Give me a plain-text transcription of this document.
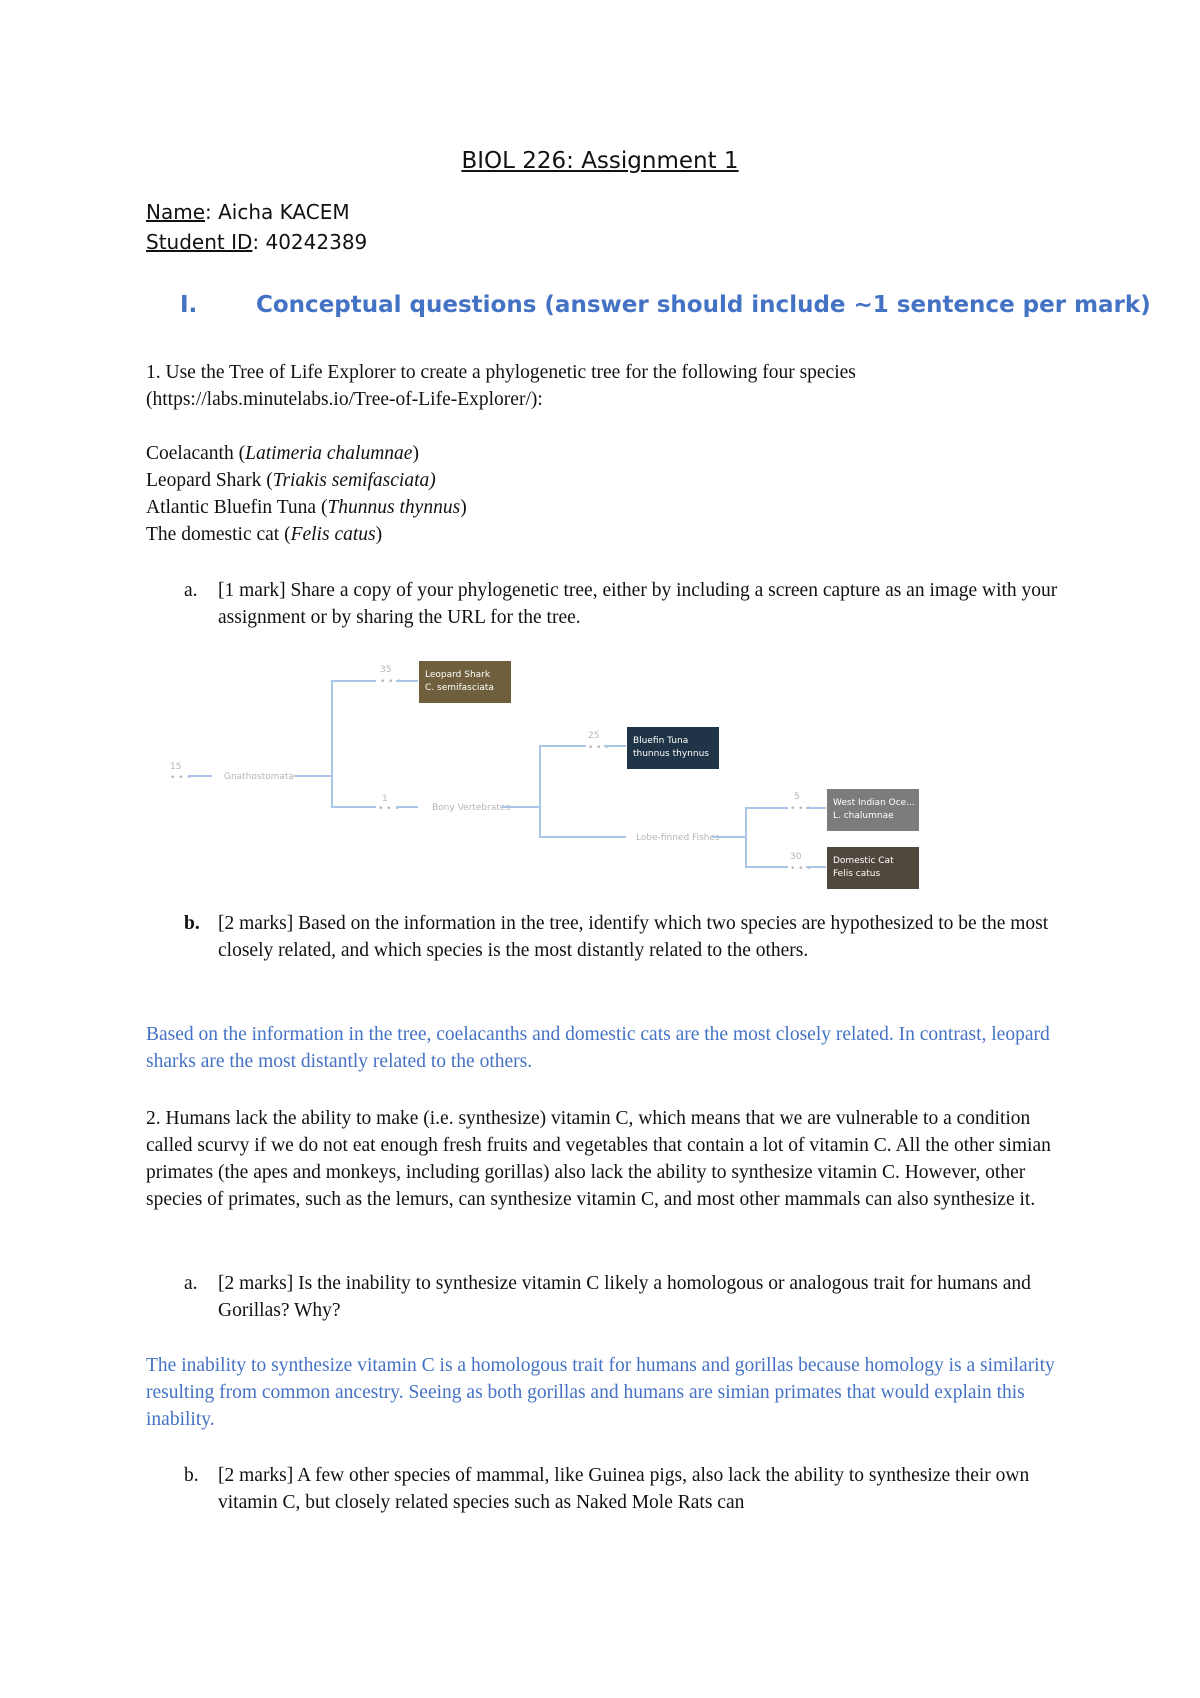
BIOL 226: Assignment 1
Name: Aicha KACEM
Student ID: 40242389
I.	Conceptual questions (answer should include ~1 sentence per mark)

1. Use the Tree of Life Explorer to create a phylogenetic tree for the following four species
(https://labs.minutelabs.io/Tree-of-Life-Explorer/):

Coelacanth (Latimeria chalumnae)
Leopard Shark (Triakis semifasciata)
Atlantic Bluefin Tuna (Thunnus thynnus)
The domestic cat (Felis catus)
a. [1 mark] Share a copy of your phylogenetic tree, either by including a screen capture as an image with your assignment or by sharing the URL for the tree.
15
• • •	Gnathostomata
35
• • •
Leopard Shark
C. semifasciata
1
• • •	Bony Vertebrates
25
• • •
Bluefin Tuna
thunnus thynnus
Lobe-finned Fishes
5
• • •
West Indian Oce...
L. chalumnae
30
• • •
Domestic Cat
Felis catus
b. [2 marks] Based on the information in the tree, identify which two species are hypothesized to be the most closely related, and which species is the most distantly related to the others.

Based on the information in the tree, coelacanths and domestic cats are the most closely related. In contrast, leopard sharks are the most distantly related to the others.

2. Humans lack the ability to make (i.e. synthesize) vitamin C, which means that we are vulnerable to a condition called scurvy if we do not eat enough fresh fruits and vegetables that contain a lot of vitamin C. All the other simian primates (the apes and monkeys, including gorillas) also lack the ability to synthesize vitamin C. However, other species of primates, such as the lemurs, can synthesize vitamin C, and most other mammals can also synthesize it.

a. [2 marks] Is the inability to synthesize vitamin C likely a homologous or analogous trait for humans and Gorillas? Why?

The inability to synthesize vitamin C is a homologous trait for humans and gorillas because homology is a similarity resulting from common ancestry. Seeing as both gorillas and humans are simian primates that would explain this inability.

b. [2 marks] A few other species of mammal, like Guinea pigs, also lack the ability to synthesize their own vitamin C, but closely related species such as Naked Mole Rats can
